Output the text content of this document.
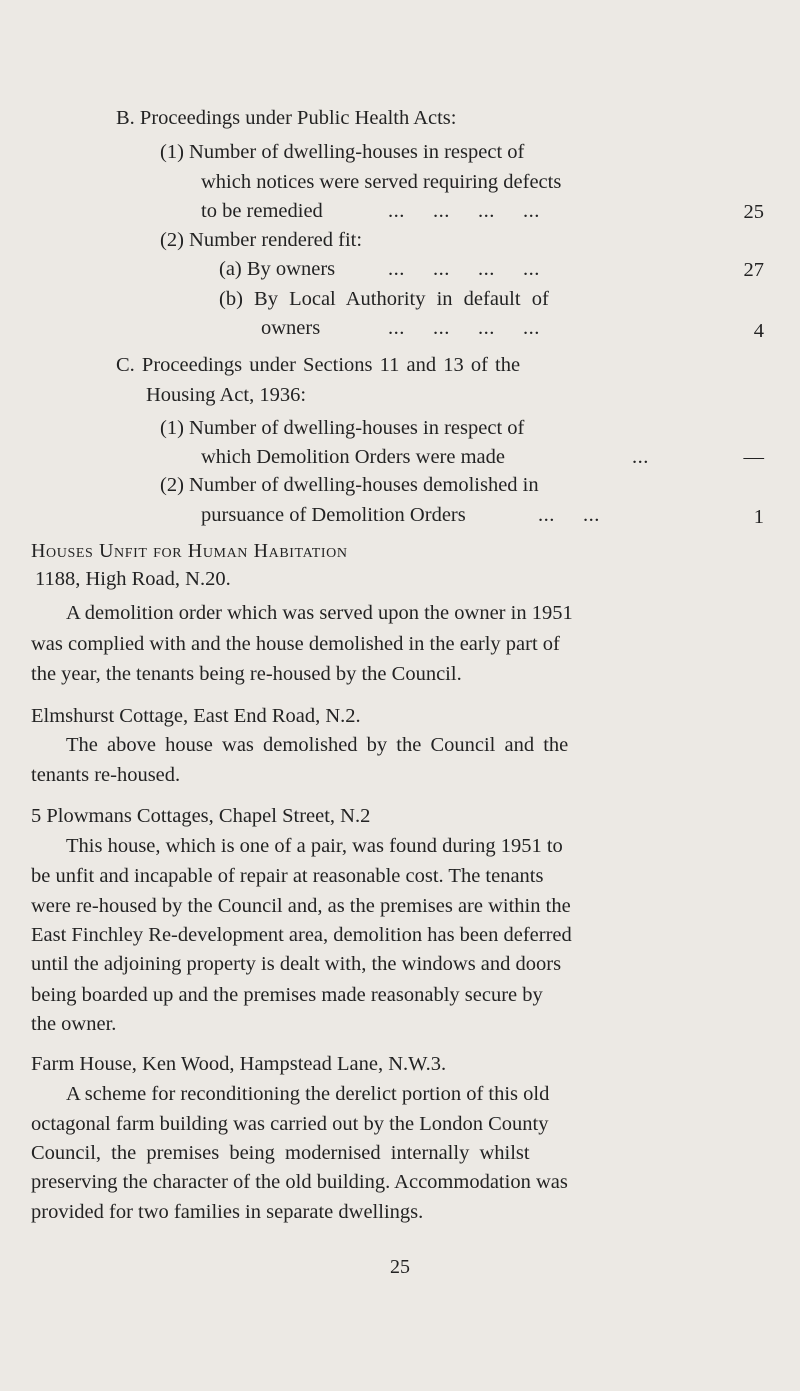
B. Proceedings under Public Health Acts:
(1) Number of dwelling-houses in respect of
which notices were served requiring defects
to be remedied	...     ...     ...     ...	25
(2) Number rendered fit:
(a) By owners	...     ...     ...     ...	27
(b) By Local Authority in default of
owners	...     ...     ...     ...	4
C. Proceedings under Sections 11 and 13 of the
Housing Act, 1936:
(1) Number of dwelling-houses in respect of
which Demolition Orders were made	...	—
(2) Number of dwelling-houses demolished in
pursuance of Demolition Orders	...     ...	1
Houses Unfit for Human Habitation
1188, High Road, N.20.
A demolition order which was served upon the owner in 1951
was complied with and the house demolished in the early part of
the year, the tenants being re-housed by the Council.
Elmshurst Cottage, East End Road, N.2.
The above house was demolished by the Council and the
tenants re-housed.
5 Plowmans Cottages, Chapel Street, N.2
This house, which is one of a pair, was found during 1951 to
be unfit and incapable of repair at reasonable cost. The tenants
were re-housed by the Council and, as the premises are within the
East Finchley Re-development area, demolition has been deferred
until the adjoining property is dealt with, the windows and doors
being boarded up and the premises made reasonably secure by
the owner.
Farm House, Ken Wood, Hampstead Lane, N.W.3.
A scheme for reconditioning the derelict portion of this old
octagonal farm building was carried out by the London County
Council, the premises being modernised internally whilst
preserving the character of the old building. Accommodation was
provided for two families in separate dwellings.
25
